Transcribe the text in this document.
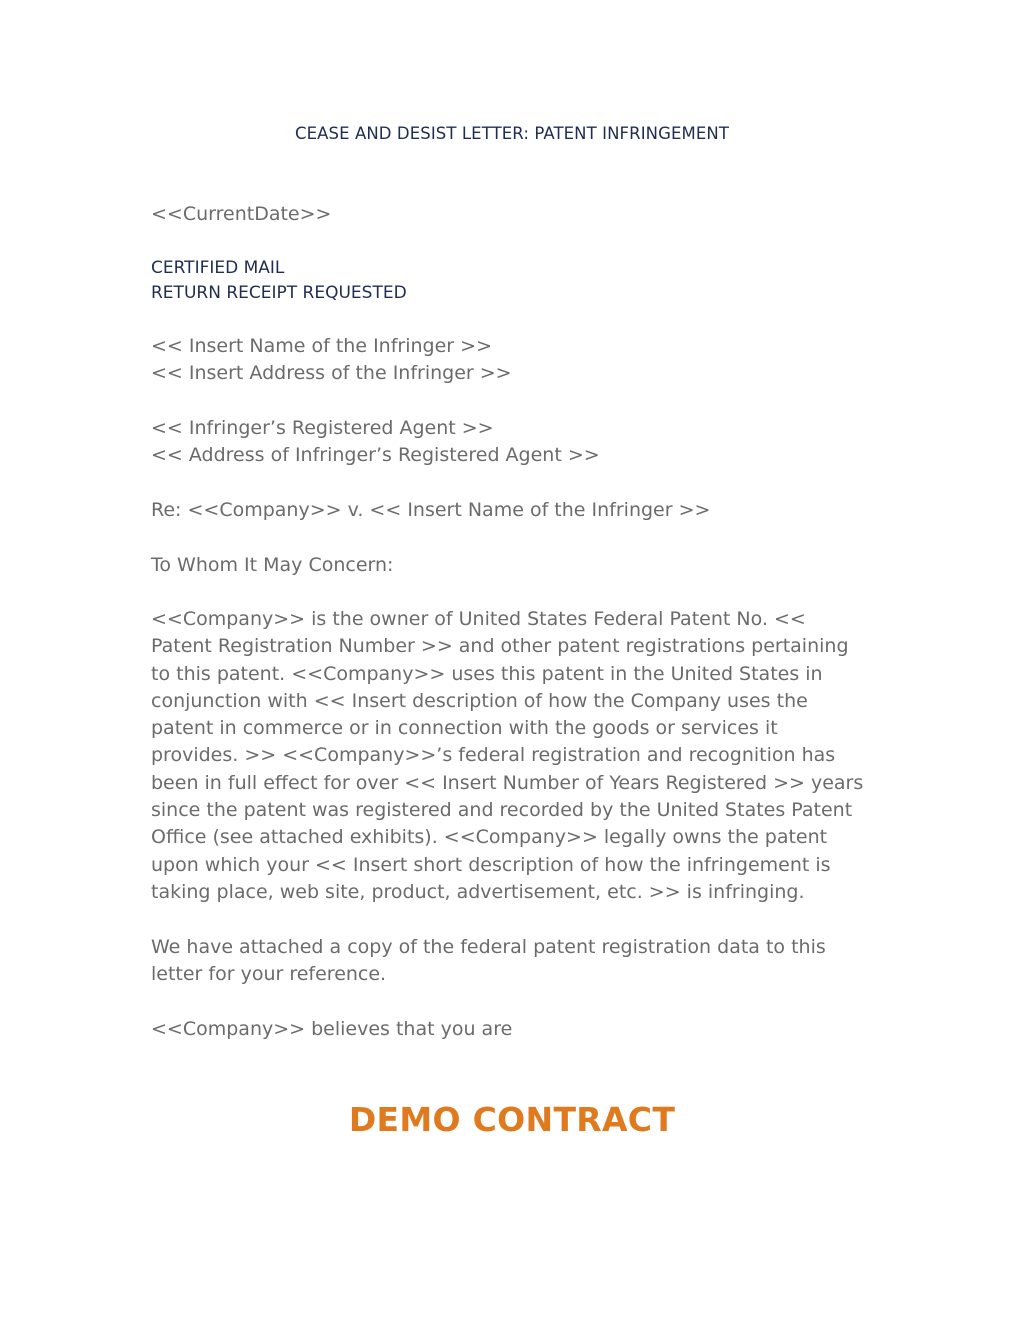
CEASE AND DESIST LETTER: PATENT INFRINGEMENT
<<CurrentDate>>
CERTIFIED MAIL
RETURN RECEIPT REQUESTED
<< Insert Name of the Infringer >>
<< Insert Address of the Infringer >>
<< Infringer’s Registered Agent >>
<< Address of Infringer’s Registered Agent >>
Re: <<Company>> v. << Insert Name of the Infringer >>
To Whom It May Concern:
<<Company>> is the owner of United States Federal Patent No. << Patent Registration Number >> and other patent registrations pertaining to this patent. <<Company>> uses this patent in the United States in conjunction with << Insert description of how the Company uses the patent in commerce or in connection with the goods or services it provides. >> <<Company>>’s federal registration and recognition has been in full effect for over << Insert Number of Years Registered >> years since the patent was registered and recorded by the United States Patent Office (see attached exhibits). <<Company>> legally owns the patent upon which your << Insert short description of how the infringement is taking place, web site, product, advertisement, etc. >> is infringing.
We have attached a copy of the federal patent registration data to this letter for your reference.
<<Company>> believes that you are
DEMO CONTRACT
